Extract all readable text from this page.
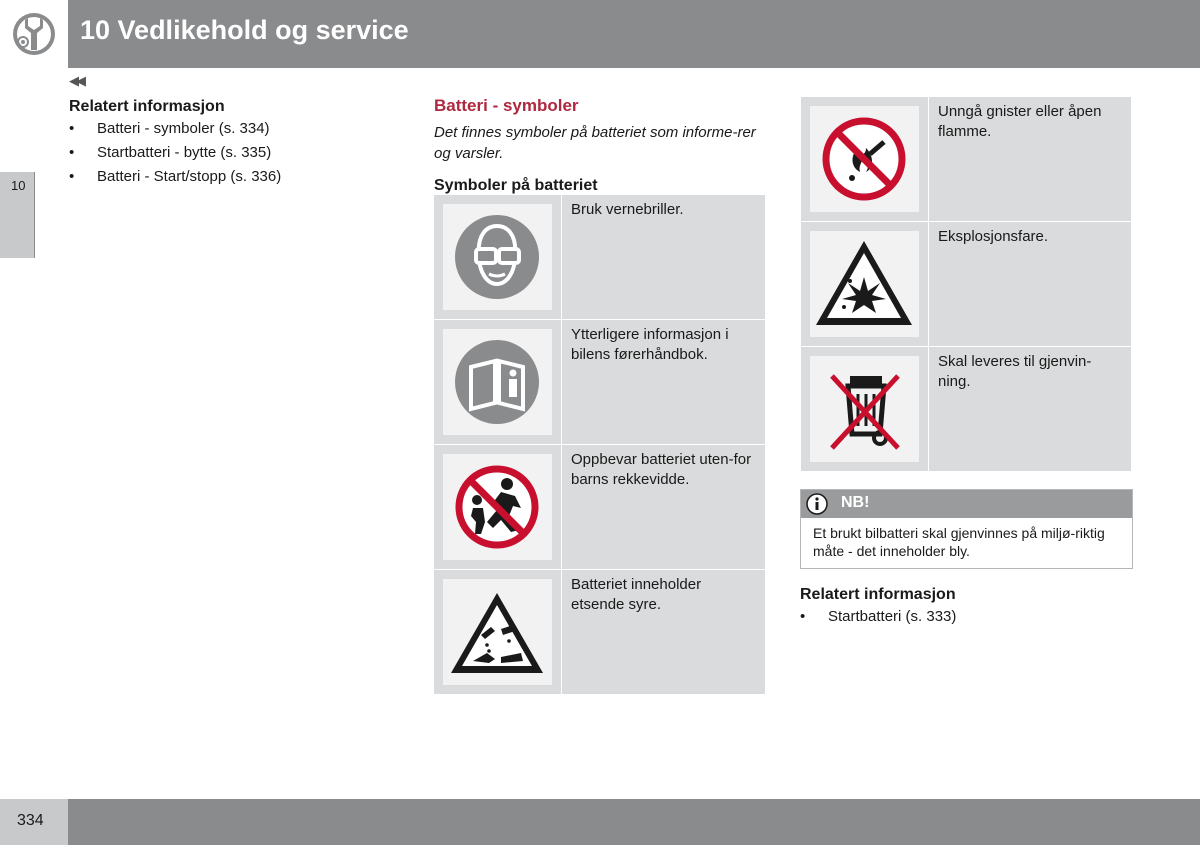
10 Vedlikehold og service
◀◀
10

Relatert informasjon

• Batteri - symboler (s. 334)
• Startbatteri - bytte (s. 335)
• Batteri - Start/stopp (s. 336)

Batteri - symboler

Det finnes symboler på batteriet som informe-rer og varsler.

Symboler på batteriet

Bruk vernebriller.
Ytterligere informasjon i bilens førerhåndbok.
Oppbevar batteriet uten-for barns rekkevidde.
Batteriet inneholder etsende syre.
Unngå gnister eller åpen flamme.
Eksplosjonsfare.
Skal leveres til gjenvin-ning.
NB!
Et brukt bilbatteri skal gjenvinnes på miljø-riktig måte - det inneholder bly.

Relatert informasjon

• Startbatteri (s. 333)
334
